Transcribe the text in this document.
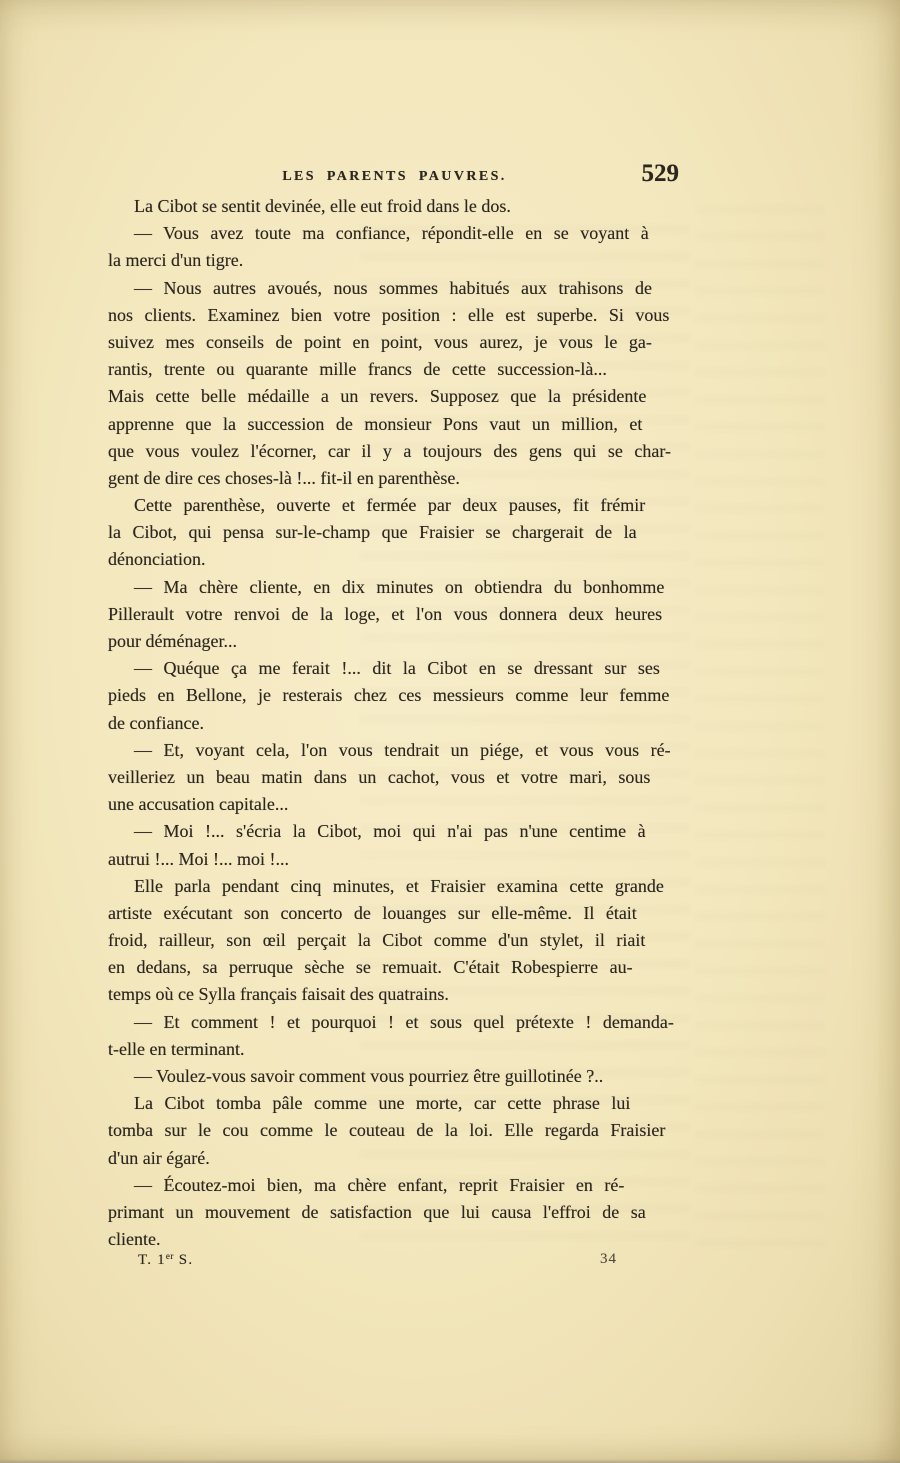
LES PARENTS PAUVRES.	529
La Cibot se sentit devinée, elle eut froid dans le dos.
— Vous avez toute ma confiance, répondit-elle en se voyant à
la merci d'un tigre.
— Nous autres avoués, nous sommes habitués aux trahisons de
nos clients. Examinez bien votre position : elle est superbe. Si vous
suivez mes conseils de point en point, vous aurez, je vous le ga-
rantis, trente ou quarante mille francs de cette succession-là...
Mais cette belle médaille a un revers. Supposez que la présidente
apprenne que la succession de monsieur Pons vaut un million, et
que vous voulez l'écorner, car il y a toujours des gens qui se char-
gent de dire ces choses-là !... fit-il en parenthèse.
Cette parenthèse, ouverte et fermée par deux pauses, fit frémir
la Cibot, qui pensa sur-le-champ que Fraisier se chargerait de la
dénonciation.
— Ma chère cliente, en dix minutes on obtiendra du bonhomme
Pillerault votre renvoi de la loge, et l'on vous donnera deux heures
pour déménager...
— Quéque ça me ferait !... dit la Cibot en se dressant sur ses
pieds en Bellone, je resterais chez ces messieurs comme leur femme
de confiance.
— Et, voyant cela, l'on vous tendrait un piége, et vous vous ré-
veilleriez un beau matin dans un cachot, vous et votre mari, sous
une accusation capitale...
— Moi !... s'écria la Cibot, moi qui n'ai pas n'une centime à
autrui !... Moi !... moi !...
Elle parla pendant cinq minutes, et Fraisier examina cette grande
artiste exécutant son concerto de louanges sur elle-même. Il était
froid, railleur, son œil perçait la Cibot comme d'un stylet, il riait
en dedans, sa perruque sèche se remuait. C'était Robespierre au-
temps où ce Sylla français faisait des quatrains.
— Et comment ! et pourquoi ! et sous quel prétexte ! demanda-
t-elle en terminant.
— Voulez-vous savoir comment vous pourriez être guillotinée ?..
La Cibot tomba pâle comme une morte, car cette phrase lui
tomba sur le cou comme le couteau de la loi. Elle regarda Fraisier
d'un air égaré.
— Écoutez-moi bien, ma chère enfant, reprit Fraisier en ré-
primant un mouvement de satisfaction que lui causa l'effroi de sa
cliente.
T. 1er S.	34
